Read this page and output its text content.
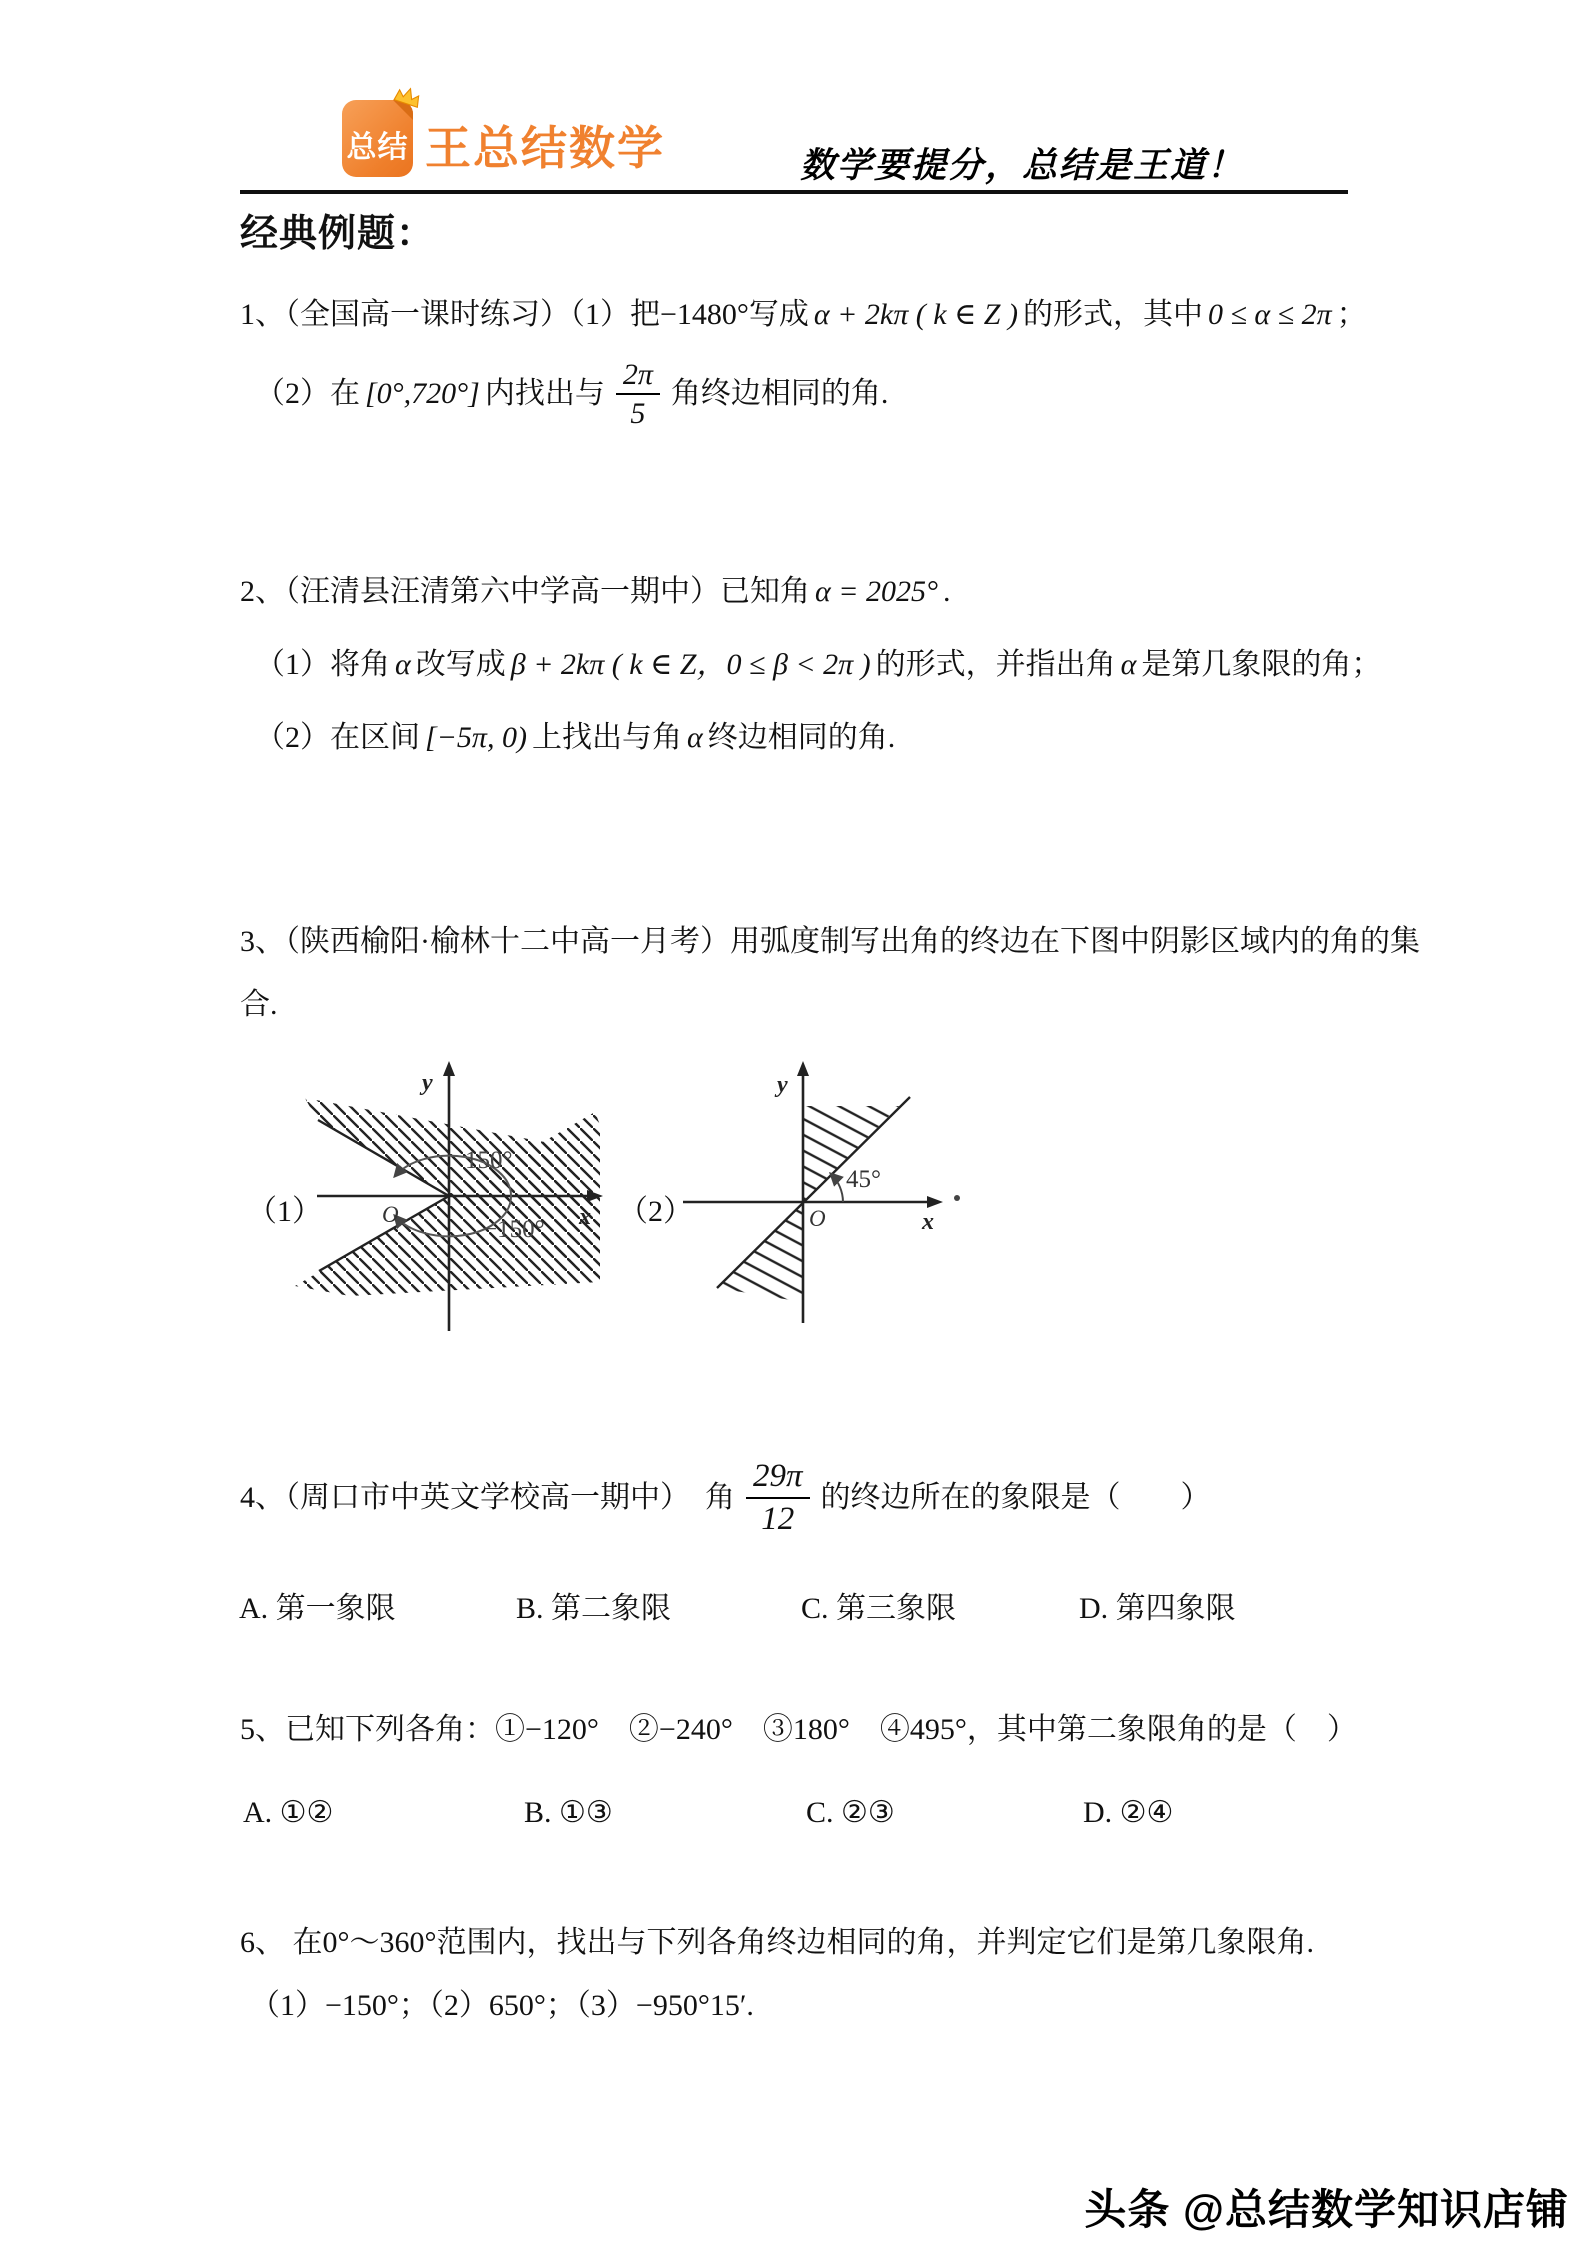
总结 王总结数学	数学要提分，总结是王道！
经典例题：
1、（全国高一课时练习）（1）把−1480°写成 α + 2kπ ( k ∈ Z ) 的形式，其中 0 ≤ α ≤ 2π ；
（2）在 [0°,720°] 内找出与 $\frac{2\pi}{5}$ 角终边相同的角.
2、（汪清县汪清第六中学高一期中）已知角 α = 2025° .
（1）将角 α 改写成 β + 2kπ ( k ∈ Z，0 ≤ β < 2π ) 的形式，并指出角 α 是第几象限的角；
（2）在区间 [−5π, 0) 上找出与角 α 终边相同的角.
3、（陕西榆阳·榆林十二中高一月考）用弧度制写出角的终边在下图中阴影区域内的角的集
合.
（1）
150°
−150°
O
y
x （2）
45°
O
y
x
4、（周口市中英文学校高一期中）　角 $\frac{29\pi}{12}$ 的终边所在的象限是（　　）
A. 第一象限	B. 第二象限	C. 第三象限	D. 第四象限
5、已知下列各角：①−120°　②−240°　③180°　④495°，其中第二象限角的是（　）
A. ①②	B. ①③	C. ②③	D. ②④
6、 在0°～360°范围内，找出与下列各角终边相同的角，并判定它们是第几象限角.
（1）−150°；（2）650°；（3）−950°15′.
头条 @总结数学知识店铺
